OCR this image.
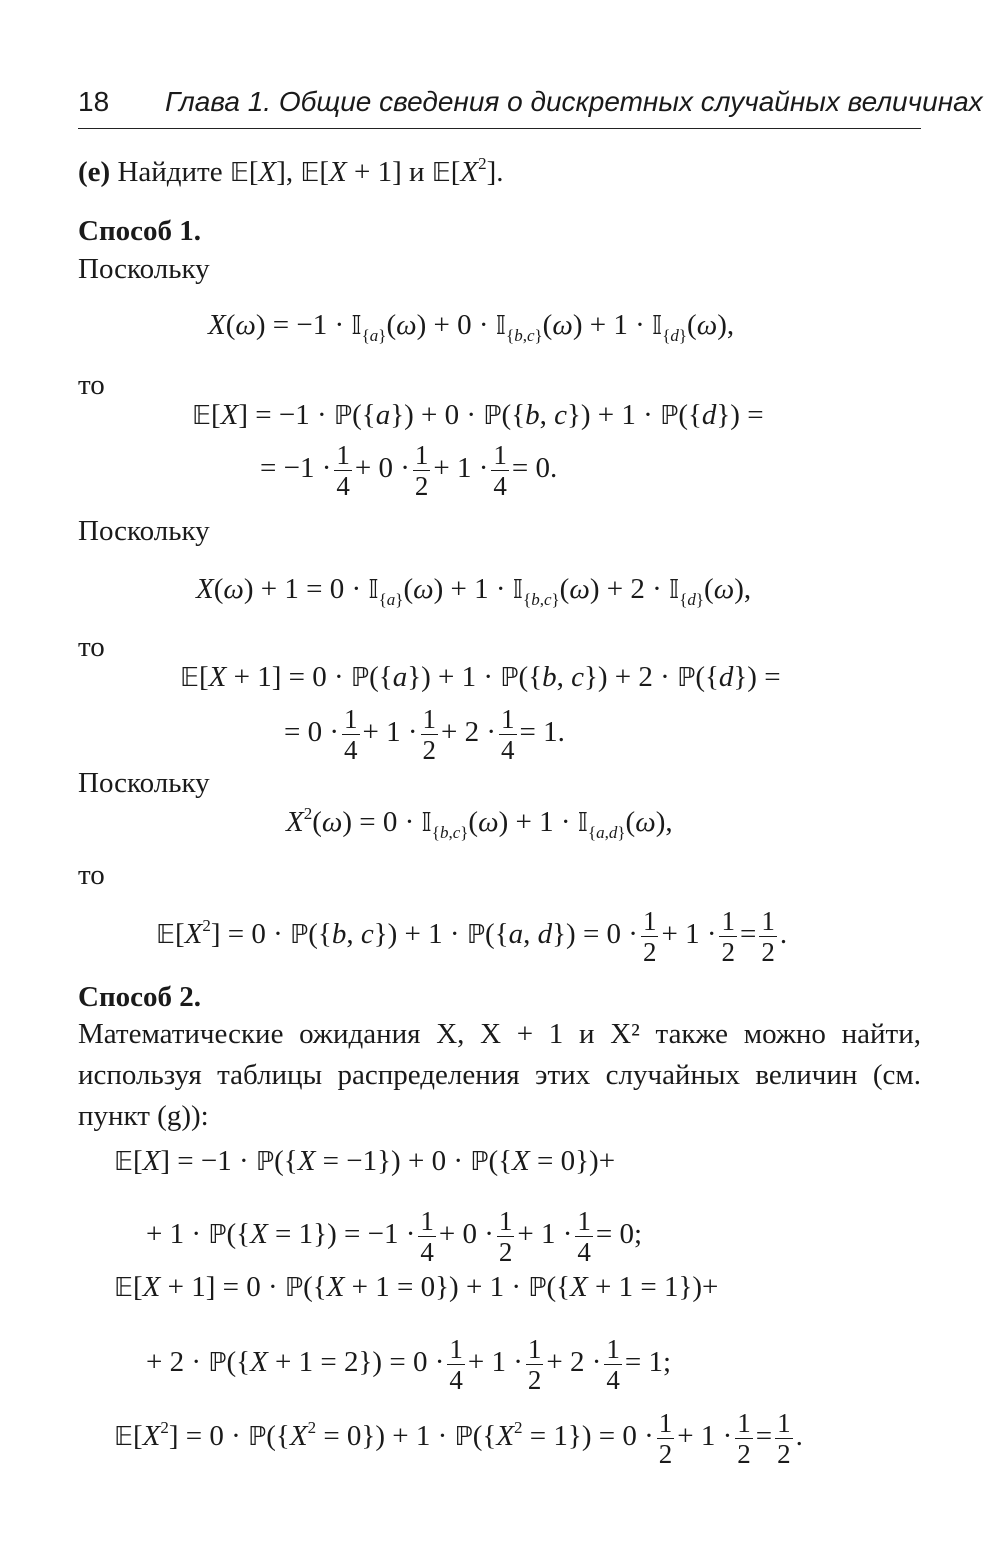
18 Глава 1. Общие сведения о дискретных случайных величинах
(e) Найдите 𝔼[X], 𝔼[X + 1] и $𝔼[X^2]$.
Способ 1.
Поскольку
X(ω) = −1 · 𝕀$_{\{a\}}$(ω) + 0 · 𝕀$_{\{b,c\}}$(ω) + 1 · 𝕀$_{\{d\}}$(ω),
то
𝔼[X] = −1 · ℙ({a}) + 0 · ℙ({b, c}) + 1 · ℙ({d}) =
= $-1 \cdot \frac{1}{4} + 0 \cdot \frac{1}{2} + 1 \cdot \frac{1}{4} = 0$.
Поскольку
X(ω) + 1 = 0 · 𝕀$_{\{a\}}$(ω) + 1 · 𝕀$_{\{b,c\}}$(ω) + 2 · 𝕀$_{\{d\}}$(ω),
то
𝔼[X + 1] = 0 · ℙ({a}) + 1 · ℙ({b, c}) + 2 · ℙ({d}) =
= $0 \cdot \frac{1}{4} + 1 \cdot \frac{1}{2} + 2 \cdot \frac{1}{4} = 1$.
Поскольку
$X^2(\omega) = 0$ · 𝕀$_{\{b,c\}}$(ω) + 1 · 𝕀$_{\{a,d\}}$(ω),
то
$𝔼[X^2] = 0$ · ℙ({b, c}) + 1 · ℙ({a, $d\}) = 0 \cdot \frac{1}{2} + 1 \cdot \frac{1}{2} = \frac{1}{2}$ .
Способ 2.
Математические ожидания X, X + 1 и X² также можно найти, используя таблицы распределения этих случайных величин (см. пункт (g)):
𝔼[X] = −1 · ℙ({X = −1}) + 0 · ℙ({X = 0})+
+ 1 · ℙ({X = $1\}) = -1 \cdot \frac{1}{4} + 0 \cdot \frac{1}{2} + 1 \cdot \frac{1}{4} = 0$;
𝔼[X + 1] = 0 · ℙ({X + 1 = 0}) + 1 · ℙ({X + 1 = 1})+
+ 2 · ℙ({X + $1 = 2\}) = 0 \cdot \frac{1}{4} + 1 \cdot \frac{1}{2} + 2 \cdot \frac{1}{4} = 1$;
$𝔼[X^2] = 0$ · $ℙ(\{X^2 = 0\}) + 1$ · $ℙ(\{X^2 = 1\}) = 0 \cdot \frac{1}{2} + 1 \cdot \frac{1}{2} = \frac{1}{2}$ .
